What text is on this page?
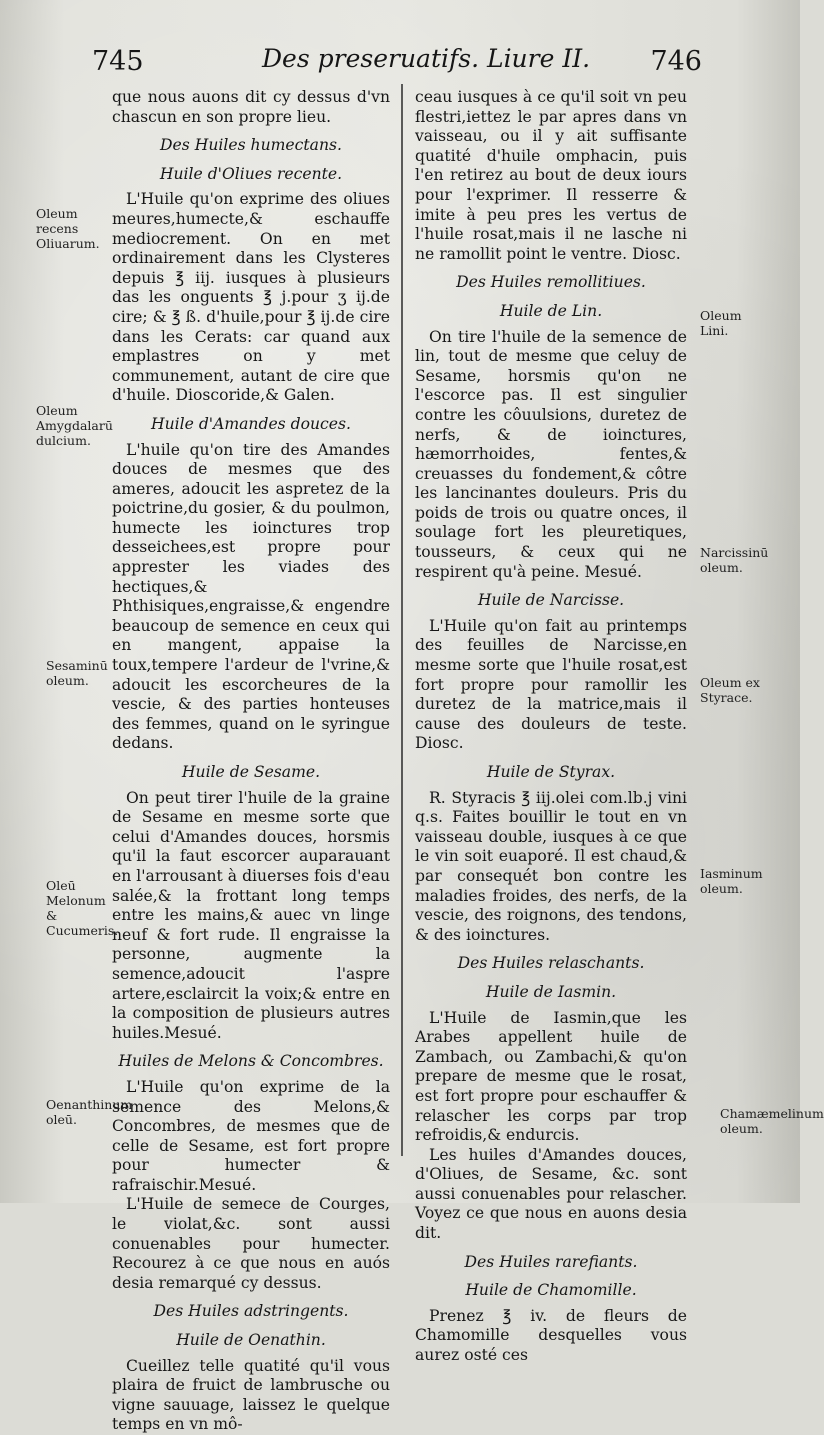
745	Des preseruatifs. Liure II. 746

que nous auons dit cy dessus d'vn chascun en son propre lieu.

Des Huiles humectans.
Huile d'Oliues recente.

L'Huile qu'on exprime des oliues meures,humecte,& eschauffe mediocrement. On en met ordinairement dans les Clysteres depuis ℥ iij. iusques à plusieurs das les onguents ℥ j.pour ʒ ij.de cire; & ℥ ß. d'huile,pour ℥ ij.de cire dans les Cerats: car quand aux emplastres on y met communement, autant de cire que d'huile. Dioscoride,& Galen.

Huile d'Amandes douces.

L'huile qu'on tire des Amandes douces de mesmes que des ameres, adoucit les aspretez de la poictrine,du gosier, & du poulmon, humecte les ioinctures trop desseichees,est propre pour apprester les viades des hectiques,& Phthisiques,engraisse,& engendre beaucoup de semence en ceux qui en mangent, appaise la toux,tempere l'ardeur de l'vrine,& adoucit les escorcheures de la vescie, & des parties honteuses des femmes, quand on le syringue dedans.

Huile de Sesame.

On peut tirer l'huile de la graine de Sesame en mesme sorte que celui d'Amandes douces, horsmis qu'il la faut escorcer auparauant en l'arrousant à diuerses fois d'eau salée,& la frottant long temps entre les mains,& auec vn linge neuf & fort rude. Il engraisse la personne, augmente la semence,adoucit l'aspre artere,esclaircit la voix;& entre en la composition de plusieurs autres huiles.Mesué.

Huiles de Melons & Concombres.

L'Huile qu'on exprime de la semence des Melons,& Concombres, de mesmes que de celle de Sesame, est fort propre pour humecter & rafraischir.Mesué.

L'Huile de semece de Courges, le violat,&c. sont aussi conuenables pour humecter. Recourez à ce que nous en auós desia remarqué cy dessus.

Des Huiles adstringents.
Huile de Oenathin.

Cueillez telle quatité qu'il vous plaira de fruict de lambrusche ou vigne sauuage, laissez le quelque temps en vn mô-

ceau iusques à ce qu'il soit vn peu flestri,iettez le par apres dans vn vaisseau, ou il y ait suffisante quatité d'huile omphacin, puis l'en retirez au bout de deux iours pour l'exprimer. Il resserre & imite à peu pres les vertus de l'huile rosat,mais il ne lasche ni ne ramollit point le ventre. Diosc.

Des Huiles remollitiues.
Huile de Lin.

On tire l'huile de la semence de lin, tout de mesme que celuy de Sesame, horsmis qu'on ne l'escorce pas. Il est singulier contre les côuulsions, duretez de nerfs, & de ioinctures, hæmorrhoides, fentes,& creuasses du fondement,& côtre les lancinantes douleurs. Pris du poids de trois ou quatre onces, il soulage fort les pleuretiques, tousseurs, & ceux qui ne respirent qu'à peine. Mesué.

Huile de Narcisse.

L'Huile qu'on fait au printemps des feuilles de Narcisse,en mesme sorte que l'huile rosat,est fort propre pour ramollir les duretez de la matrice,mais il cause des douleurs de teste. Diosc.

Huile de Styrax.

R. Styracis ℥ iij.olei com.lb.j vini q.s. Faites bouillir le tout en vn vaisseau double, iusques à ce que le vin soit euaporé. Il est chaud,& par consequét bon contre les maladies froides, des nerfs, de la vescie, des roignons, des tendons, & des ioinctures.

Des Huiles relaschants.
Huile de Iasmin.

L'Huile de Iasmin,que les Arabes appellent huile de Zambach, ou Zambachi,& qu'on prepare de mesme que le rosat, est fort propre pour eschauffer & relascher les corps par trop refroidis,& endurcis.

Les huiles d'Amandes douces, d'Oliues, de Sesame, &c. sont aussi conuenables pour relascher. Voyez ce que nous en auons desia dit.

Des Huiles rarefiants.
Huile de Chamomille.

Prenez ℥ iv. de fleurs de Chamomille desquelles vous aurez osté ces

Oleum recens Oliuarum.
Oleum Amygdalarū dulcium.
Sesaminū oleum.
Oleū Melonum & Cucumeris.
Oenanthinum oleū.
Oleum Lini.
Narcissinū oleum.
Oleum ex Styrace.
Iasminum oleum.
Chamæmelinum oleum.
